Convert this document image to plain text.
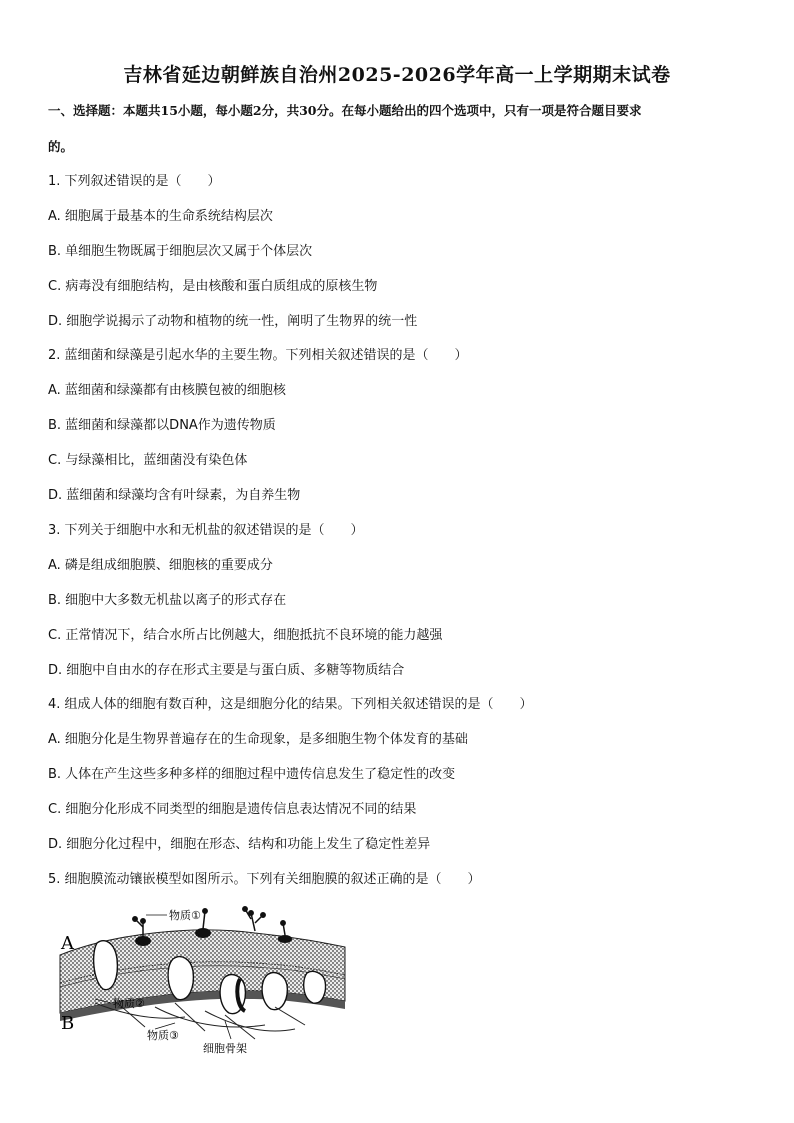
吉林省延边朝鲜族自治州2025-2026学年高一上学期期末试卷
一、选择题：本题共15小题，每小题2分，共30分。在每小题给出的四个选项中，只有一项是符合题目要求
的。
1. 下列叙述错误的是（　　）
A. 细胞属于最基本的生命系统结构层次
B. 单细胞生物既属于细胞层次又属于个体层次
C. 病毒没有细胞结构，是由核酸和蛋白质组成的原核生物
D. 细胞学说揭示了动物和植物的统一性，阐明了生物界的统一性
2. 蓝细菌和绿藻是引起水华的主要生物。下列相关叙述错误的是（　　）
A. 蓝细菌和绿藻都有由核膜包被的细胞核
B. 蓝细菌和绿藻都以DNA作为遗传物质
C. 与绿藻相比，蓝细菌没有染色体
D. 蓝细菌和绿藻均含有叶绿素，为自养生物
3. 下列关于细胞中水和无机盐的叙述错误的是（　　）
A. 磷是组成细胞膜、细胞核的重要成分
B. 细胞中大多数无机盐以离子的形式存在
C. 正常情况下，结合水所占比例越大，细胞抵抗不良环境的能力越强
D. 细胞中自由水的存在形式主要是与蛋白质、多糖等物质结合
4. 组成人体的细胞有数百种，这是细胞分化的结果。下列相关叙述错误的是（　　）
A. 细胞分化是生物界普遍存在的生命现象，是多细胞生物个体发育的基础
B. 人体在产生这些多种多样的细胞过程中遗传信息发生了稳定性的改变
C. 细胞分化形成不同类型的细胞是遗传信息表达情况不同的结果
D. 细胞分化过程中，细胞在形态、结构和功能上发生了稳定性差异
5. 细胞膜流动镶嵌模型如图所示。下列有关细胞膜的叙述正确的是（　　）
物质①
A
物质②
B
物质③
细胞骨架
